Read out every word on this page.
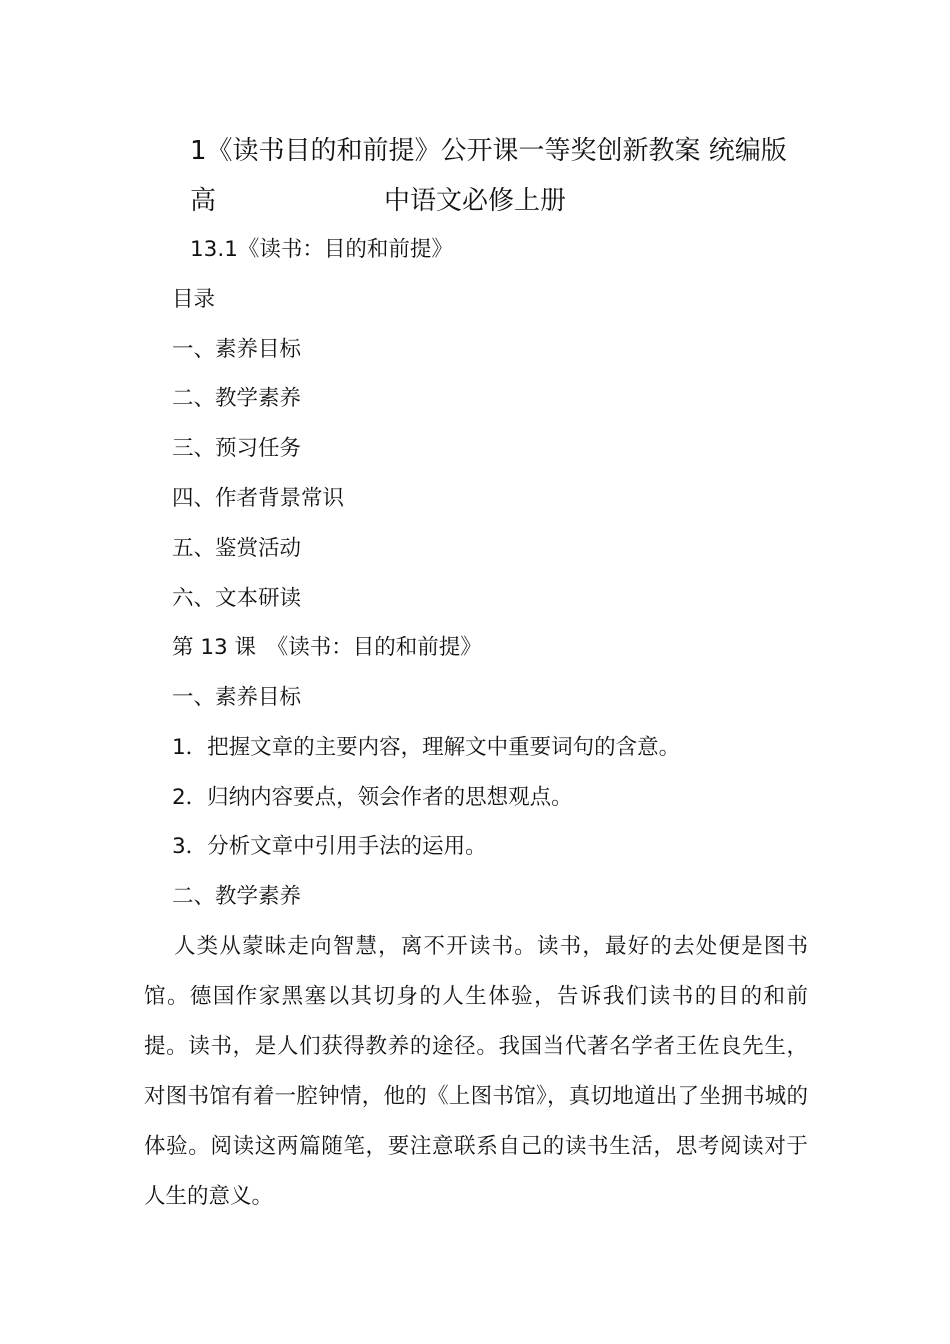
1《读书目的和前提》公开课一等奖创新教案 统编版高	中语文必修上册
13.1《读书：目的和前提》
目录
一、素养目标
二、教学素养
三、预习任务
四、作者背景常识
五、鉴赏活动
六、文本研读
第 13 课　《读书：目的和前提》
一、素养目标
1．把握文章的主要内容，理解文中重要词句的含意。
2．归纳内容要点，领会作者的思想观点。
3．分析文章中引用手法的运用。
二、教学素养
人类从蒙昧走向智慧，离不开读书。读书，最好的去处便是图书馆。德国作家黑塞以其切身的人生体验，告诉我们读书的目的和前提。读书，是人们获得教养的途径。我国当代著名学者王佐良先生，对图书馆有着一腔钟情，他的《上图书馆》，真切地道出了坐拥书城的体验。阅读这两篇随笔，要注意联系自己的读书生活，思考阅读对于人生的意义。
